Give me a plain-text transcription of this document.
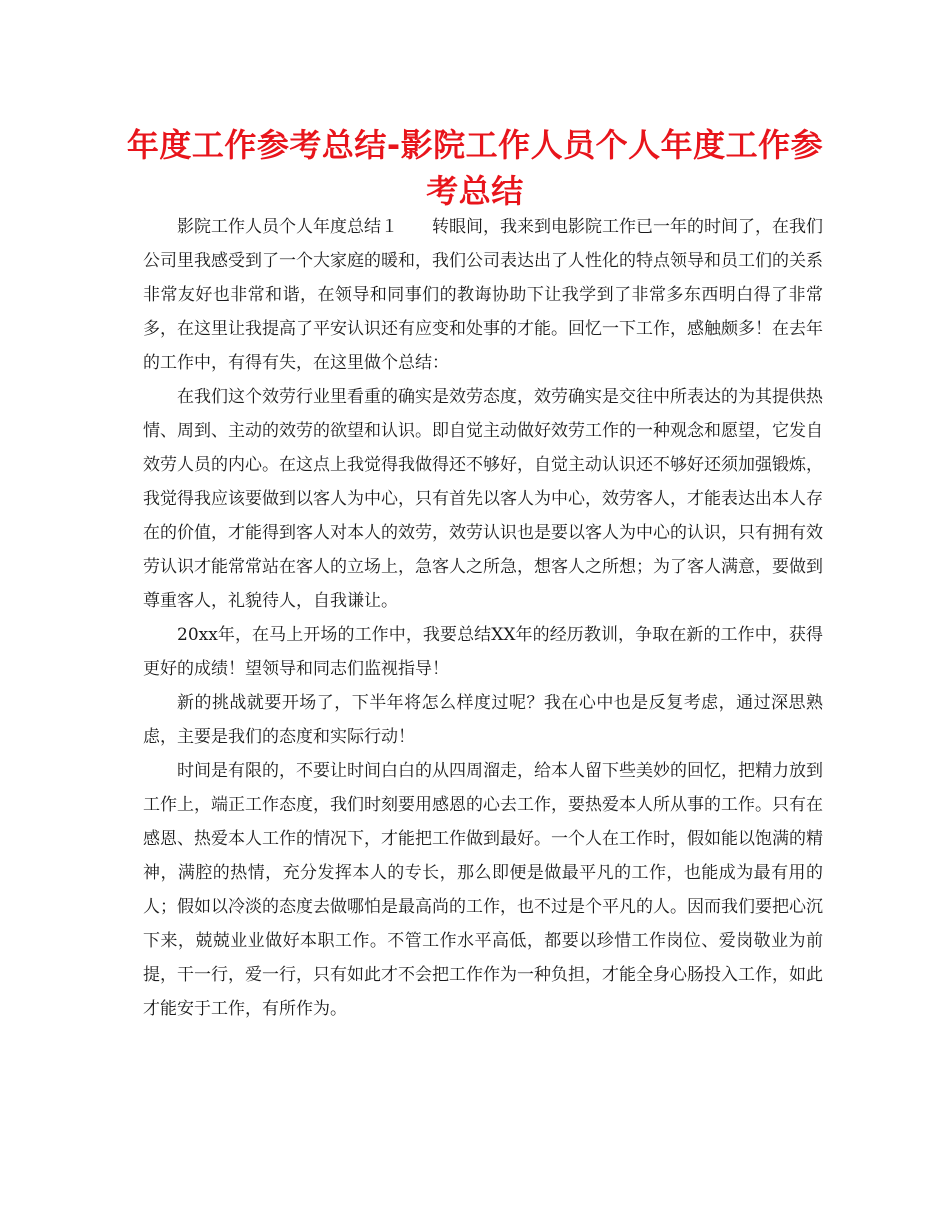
年度工作参考总结-影院工作人员个人年度工作参考总结

影院工作人员个人年度总结１　　转眼间，我来到电影院工作已一年的时间了，在我们公司里我感受到了一个大家庭的暖和，我们公司表达出了人性化的特点领导和员工们的关系非常友好也非常和谐，在领导和同事们的教诲协助下让我学到了非常多东西明白得了非常多，在这里让我提高了平安认识还有应变和处事的才能。回忆一下工作，感触颇多！在去年的工作中，有得有失，在这里做个总结：

在我们这个效劳行业里看重的确实是效劳态度，效劳确实是交往中所表达的为其提供热情、周到、主动的效劳的欲望和认识。即自觉主动做好效劳工作的一种观念和愿望，它发自效劳人员的内心。在这点上我觉得我做得还不够好，自觉主动认识还不够好还须加强锻炼，我觉得我应该要做到以客人为中心，只有首先以客人为中心，效劳客人，才能表达出本人存在的价值，才能得到客人对本人的效劳，效劳认识也是要以客人为中心的认识，只有拥有效劳认识才能常常站在客人的立场上，急客人之所急，想客人之所想；为了客人满意，要做到尊重客人，礼貌待人，自我谦让。

20xx年，在马上开场的工作中，我要总结XX年的经历教训，争取在新的工作中，获得更好的成绩！望领导和同志们监视指导！

新的挑战就要开场了，下半年将怎么样度过呢？我在心中也是反复考虑，通过深思熟虑，主要是我们的态度和实际行动！

时间是有限的，不要让时间白白的从四周溜走，给本人留下些美妙的回忆，把精力放到工作上，端正工作态度，我们时刻要用感恩的心去工作，要热爱本人所从事的工作。只有在感恩、热爱本人工作的情况下，才能把工作做到最好。一个人在工作时，假如能以饱满的精神，满腔的热情，充分发挥本人的专长，那么即便是做最平凡的工作，也能成为最有用的人；假如以冷淡的态度去做哪怕是最高尚的工作，也不过是个平凡的人。因而我们要把心沉下来，兢兢业业做好本职工作。不管工作水平高低，都要以珍惜工作岗位、爱岗敬业为前提，干一行，爱一行，只有如此才不会把工作作为一种负担，才能全身心肠投入工作，如此才能安于工作，有所作为。
